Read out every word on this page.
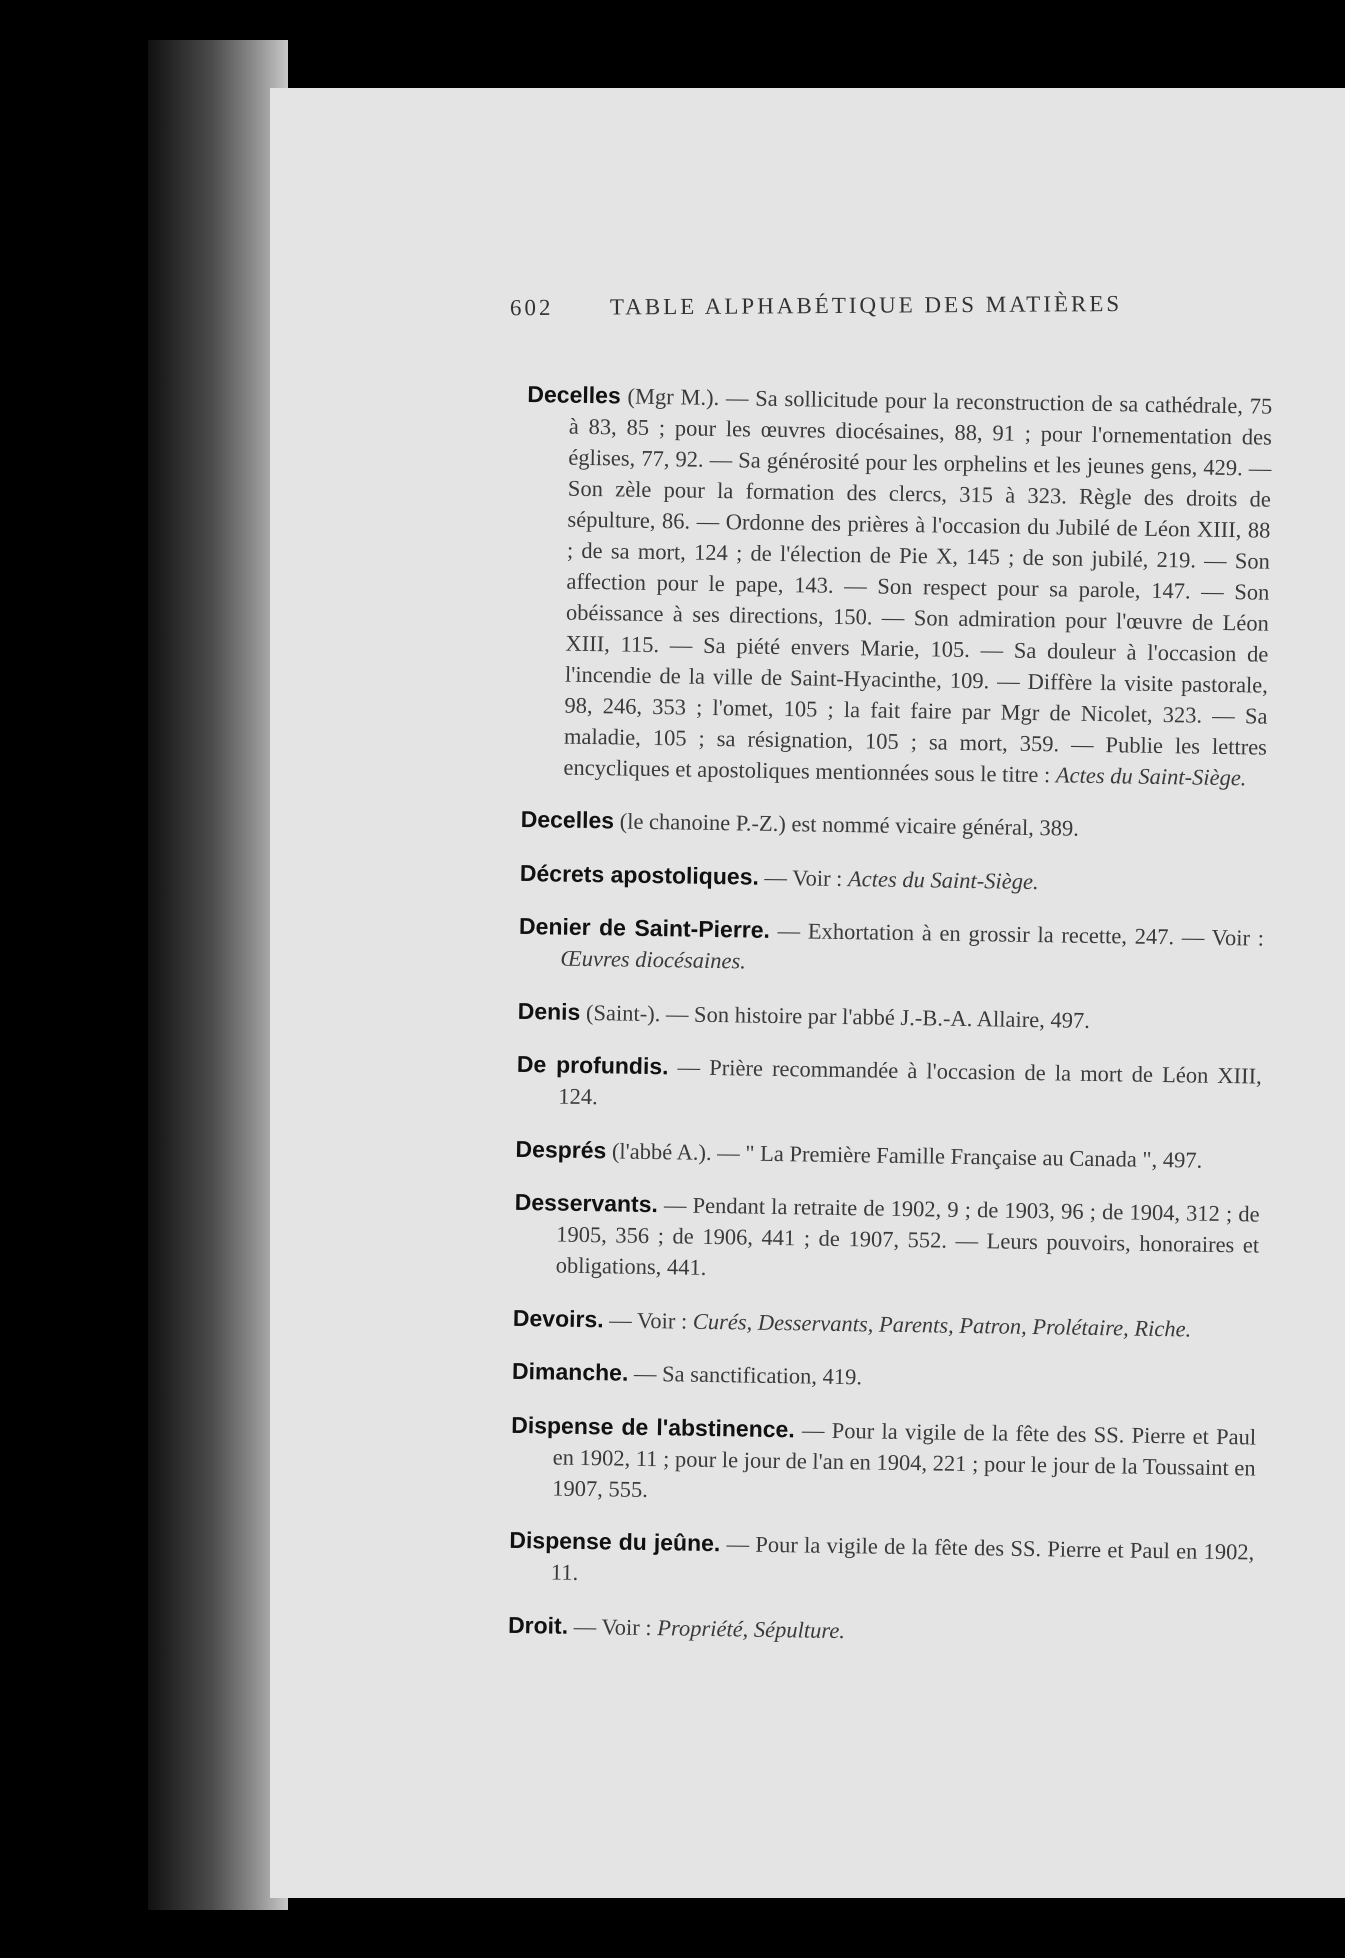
602 TABLE ALPHABÉTIQUE DES MATIÈRES

Decelles (Mgr M.). — Sa sollicitude pour la reconstruction de sa cathédrale, 75 à 83, 85 ; pour les œuvres diocésaines, 88, 91 ; pour l'ornementation des églises, 77, 92. — Sa générosité pour les orphelins et les jeunes gens, 429. — Son zèle pour la formation des clercs, 315 à 323. Règle des droits de sépulture, 86. — Ordonne des prières à l'occasion du Jubilé de Léon XIII, 88 ; de sa mort, 124 ; de l'élection de Pie X, 145 ; de son jubilé, 219. — Son affection pour le pape, 143. — Son respect pour sa parole, 147. — Son obéissance à ses directions, 150. — Son admiration pour l'œuvre de Léon XIII, 115. — Sa piété envers Marie, 105. — Sa douleur à l'occasion de l'incendie de la ville de Saint-Hyacinthe, 109. — Diffère la visite pastorale, 98, 246, 353 ; l'omet, 105 ; la fait faire par Mgr de Nicolet, 323. — Sa maladie, 105 ; sa résignation, 105 ; sa mort, 359. — Publie les lettres encycliques et apostoliques mentionnées sous le titre : Actes du Saint-Siège.

Decelles (le chanoine P.-Z.) est nommé vicaire général, 389.

Décrets apostoliques. — Voir : Actes du Saint-Siège.

Denier de Saint-Pierre. — Exhortation à en grossir la recette, 247. — Voir : Œuvres diocésaines.

Denis (Saint-). — Son histoire par l'abbé J.-B.-A. Allaire, 497.

De profundis. — Prière recommandée à l'occasion de la mort de Léon XIII, 124.

Després (l'abbé A.). — " La Première Famille Française au Canada ", 497.

Desservants. — Pendant la retraite de 1902, 9 ; de 1903, 96 ; de 1904, 312 ; de 1905, 356 ; de 1906, 441 ; de 1907, 552. — Leurs pouvoirs, honoraires et obligations, 441.

Devoirs. — Voir : Curés, Desservants, Parents, Patron, Prolétaire, Riche.

Dimanche. — Sa sanctification, 419.

Dispense de l'abstinence. — Pour la vigile de la fête des SS. Pierre et Paul en 1902, 11 ; pour le jour de l'an en 1904, 221 ; pour le jour de la Toussaint en 1907, 555.

Dispense du jeûne. — Pour la vigile de la fête des SS. Pierre et Paul en 1902, 11.

Droit. — Voir : Propriété, Sépulture.
